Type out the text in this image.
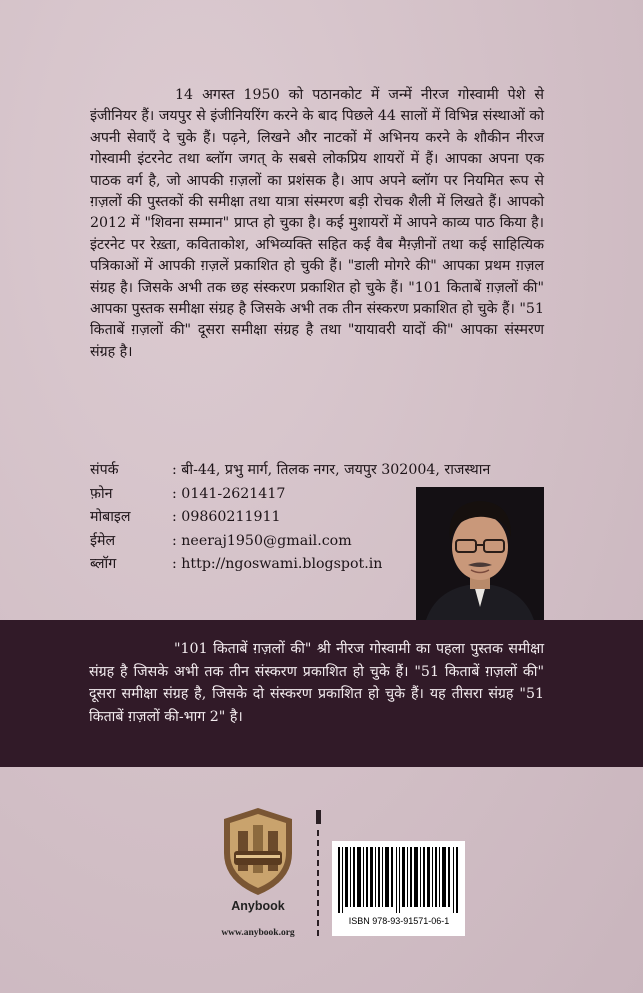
14 अगस्त 1950 को पठानकोट में जन्में नीरज गोस्वामी पेशे से इंजीनियर हैं। जयपुर से इंजीनियरिंग करने के बाद पिछले 44 सालों में विभिन्न संस्थाओं को अपनी सेवाएँ दे चुके हैं। पढ़ने, लिखने और नाटकों में अभिनय करने के शौकीन नीरज गोस्वामी इंटरनेट तथा ब्लॉग जगत् के सबसे लोकप्रिय शायरों में हैं। आपका अपना एक पाठक वर्ग है, जो आपकी ग़ज़लों का प्रशंसक है। आप अपने ब्लॉग पर नियमित रूप से ग़ज़लों की पुस्तकों की समीक्षा तथा यात्रा संस्मरण बड़ी रोचक शैली में लिखते हैं। आपको 2012 में "शिवना सम्मान" प्राप्त हो चुका है। कई मुशायरों में आपने काव्य पाठ किया है। इंटरनेट पर रेख़्ता, कविताकोश, अभिव्यक्ति सहित कई वैब मैग़्ज़ीनों तथा कई साहित्यिक पत्रिकाओं में आपकी ग़ज़लें प्रकाशित हो चुकी हैं। "डाली मोगरे की" आपका प्रथम ग़ज़ल संग्रह है। जिसके अभी तक छह संस्करण प्रकाशित हो चुके हैं। "101 किताबें ग़ज़लों की" आपका पुस्तक समीक्षा संग्रह है जिसके अभी तक तीन संस्करण प्रकाशित हो चुके हैं। "51 किताबें ग़ज़लों की" दूसरा समीक्षा संग्रह है तथा "यायावरी यादों की" आपका संस्मरण संग्रह है।

संपर्क	: बी-44, प्रभु मार्ग, तिलक नगर, जयपुर 302004, राजस्थान
फ़ोन	: 0141-2621417
मोबाइल	: 09860211911
ईमेल	: neeraj1950@gmail.com
ब्लॉग	: http://ngoswami.blogspot.in
"101 किताबें ग़ज़लों की" श्री नीरज गोस्वामी का पहला पुस्तक समीक्षा संग्रह है जिसके अभी तक तीन संस्करण प्रकाशित हो चुके हैं। "51 किताबें ग़ज़लों की" दूसरा समीक्षा संग्रह है, जिसके दो संस्करण प्रकाशित हो चुके हैं। यह तीसरा संग्रह "51 किताबें ग़ज़लों की-भाग 2" है।
Anybook
www.anybook.org
ISBN 978-93-91571-06-1
